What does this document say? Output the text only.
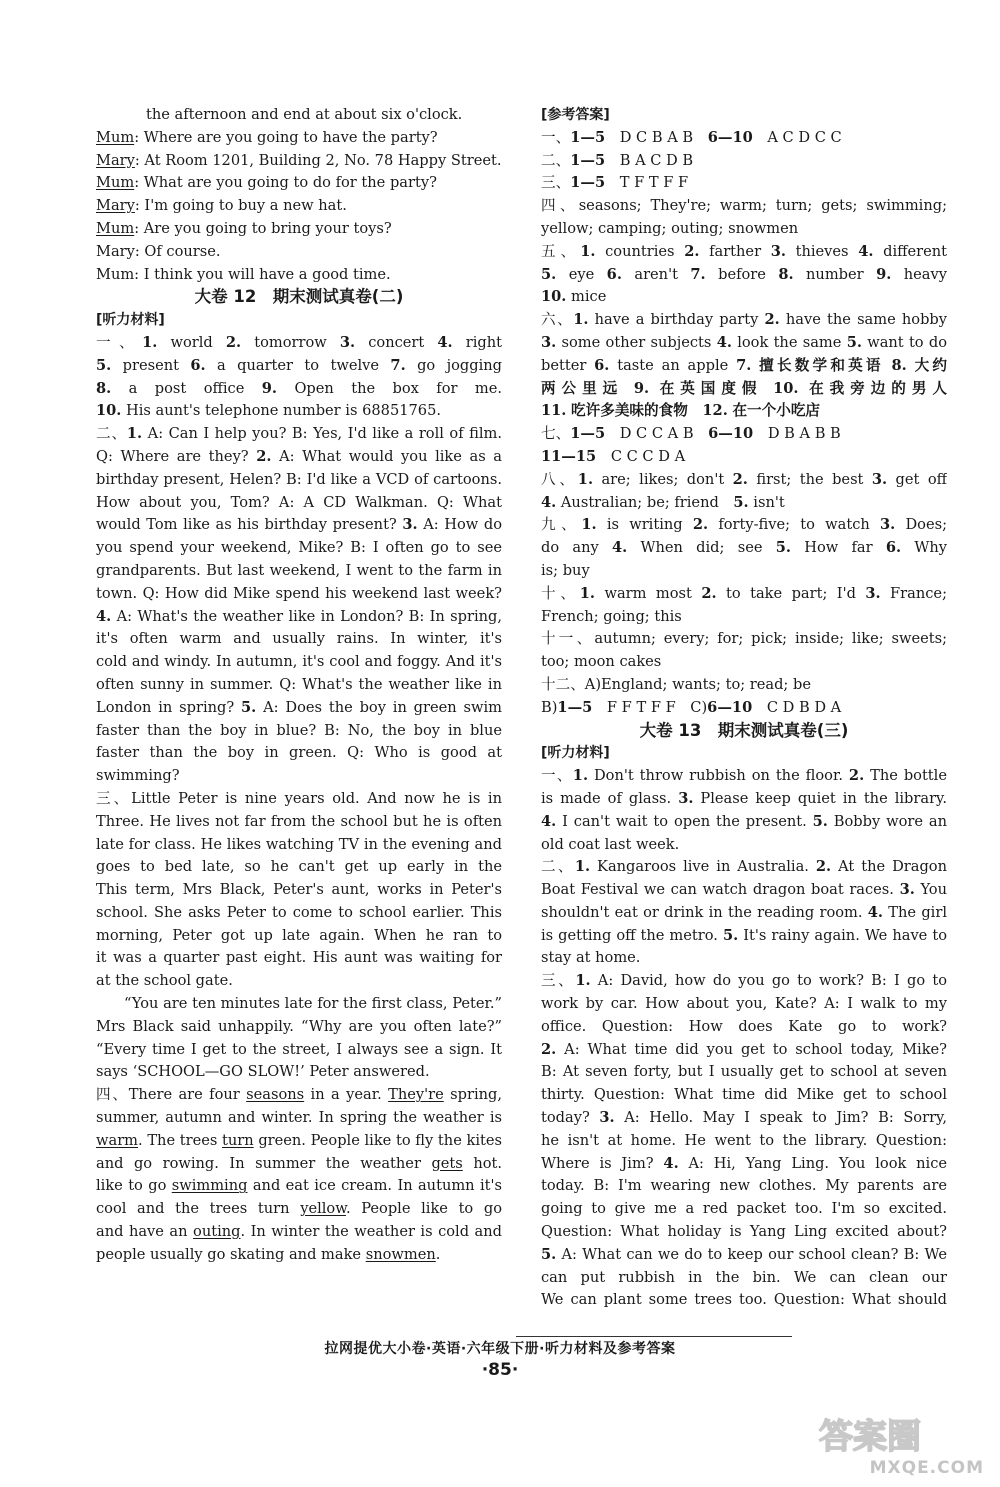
the afternoon and end at about six o'clock.
Mum: Where are you going to have the party?
Mary: At Room 1201, Building 2, No. 78 Happy Street.
Mum: What are you going to do for the party?
Mary: I'm going to buy a new hat.
Mum: Are you going to bring your toys?
Mary: Of course.
Mum: I think you will have a good time.
大卷 12　期末测试真卷(二)
[听力材料]
一、1. world 2. tomorrow 3. concert 4. right
5. present 6. a quarter to twelve 7. go jogging
8. a post office 9. Open the box for me.
10. His aunt's telephone number is 68851765.
二、1. A: Can I help you? B: Yes, I'd like a roll of film.
Q: Where are they? 2. A: What would you like as a
birthday present, Helen? B: I'd like a VCD of cartoons.
How about you, Tom? A: A CD Walkman. Q: What
would Tom like as his birthday present? 3. A: How do
you spend your weekend, Mike? B: I often go to see
grandparents. But last weekend, I went to the farm in
town. Q: How did Mike spend his weekend last week?
4. A: What's the weather like in London? B: In spring,
it's often warm and usually rains. In winter, it's
cold and windy. In autumn, it's cool and foggy. And it's
often sunny in summer. Q: What's the weather like in
London in spring? 5. A: Does the boy in green swim
faster than the boy in blue? B: No, the boy in blue
faster than the boy in green. Q: Who is good at
swimming?
三、Little Peter is nine years old. And now he is in
Three. He lives not far from the school but he is often
late for class. He likes watching TV in the evening and
goes to bed late, so he can't get up early in the
This term, Mrs Black, Peter's aunt, works in Peter's
school. She asks Peter to come to school earlier. This
morning, Peter got up late again. When he ran to
it was a quarter past eight. His aunt was waiting for
at the school gate.
“You are ten minutes late for the first class, Peter.”
Mrs Black said unhappily. “Why are you often late?”
“Every time I get to the street, I always see a sign. It
says ‘SCHOOL—GO SLOW!’ Peter answered.
四、There are four seasons in a year. They're spring,
summer, autumn and winter. In spring the weather is
warm. The trees turn green. People like to fly the kites
and go rowing. In summer the weather gets hot.
like to go swimming and eat ice cream. In autumn it's
cool and the trees turn yellow. People like to go
and have an outing. In winter the weather is cold and
people usually go skating and make snowmen.
[参考答案]
一、1—5　D C B A B　6—10　A C D C C
二、1—5　B A C D B
三、1—5　T F T F F
四、seasons; They're; warm; turn; gets; swimming;
yellow; camping; outing; snowmen
五、1. countries 2. farther 3. thieves 4. different
5. eye 6. aren't 7. before 8. number 9. heavy
10. mice
六、1. have a birthday party 2. have the same hobby
3. some other subjects 4. look the same 5. want to do
better 6. taste an apple 7. 擅长数学和英语 8. 大约
两公里远 9. 在英国度假 10. 在我旁边的男人
11. 吃许多美味的食物　 12. 在一个小吃店
七、1—5　D C C A B　6—10　D B A B B
11—15　C C C D A
八、1. are; likes; don't 2. first; the best 3. get off
4. Australian; be; friend　5. isn't
九、1. is writing 2. forty-five; to watch 3. Does;
do any 4. When did; see 5. How far 6. Why
is; buy
十、1. warm most 2. to take part; I'd 3. France;
French; going; this
十一、autumn; every; for; pick; inside; like; sweets;
too; moon cakes
十二、A)England; wants; to; read; be
B)1—5　F F T F F　C)6—10　C D B D A
大卷 13　期末测试真卷(三)
[听力材料]
一、1. Don't throw rubbish on the floor. 2. The bottle
is made of glass. 3. Please keep quiet in the library.
4. I can't wait to open the present. 5. Bobby wore an
old coat last week.
二、1. Kangaroos live in Australia. 2. At the Dragon
Boat Festival we can watch dragon boat races. 3. You
shouldn't eat or drink in the reading room. 4. The girl
is getting off the metro. 5. It's rainy again. We have to
stay at home.
三、1. A: David, how do you go to work? B: I go to
work by car. How about you, Kate? A: I walk to my
office. Question: How does Kate go to work?
2. A: What time did you get to school today, Mike?
B: At seven forty, but I usually get to school at seven
thirty. Question: What time did Mike get to school
today? 3. A: Hello. May I speak to Jim? B: Sorry,
he isn't at home. He went to the library. Question:
Where is Jim? 4. A: Hi, Yang Ling. You look nice
today. B: I'm wearing new clothes. My parents are
going to give me a red packet too. I'm so excited.
Question: What holiday is Yang Ling excited about?
5. A: What can we do to keep our school clean? B: We
can put rubbish in the bin. We can clean our
We can plant some trees too. Question: What should
拉网提优大小卷·英语·六年级下册·听力材料及参考答案
·85·
答案圈
MXQE.COM
